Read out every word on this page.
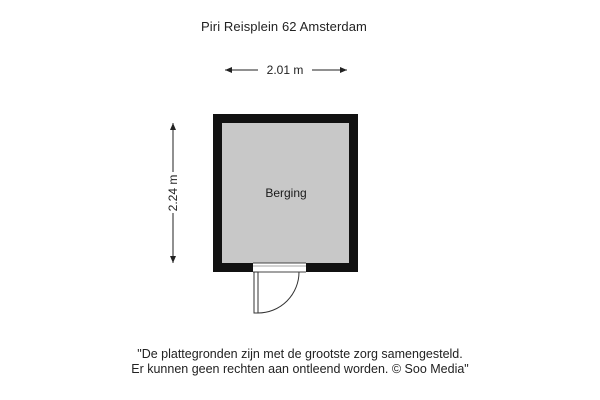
Piri Reisplein 62 Amsterdam
2.01 m
2.24 m	Berging
"De plattegronden zijn met de grootste zorg samengesteld.
Er kunnen geen rechten aan ontleend worden. © Soo Media"
